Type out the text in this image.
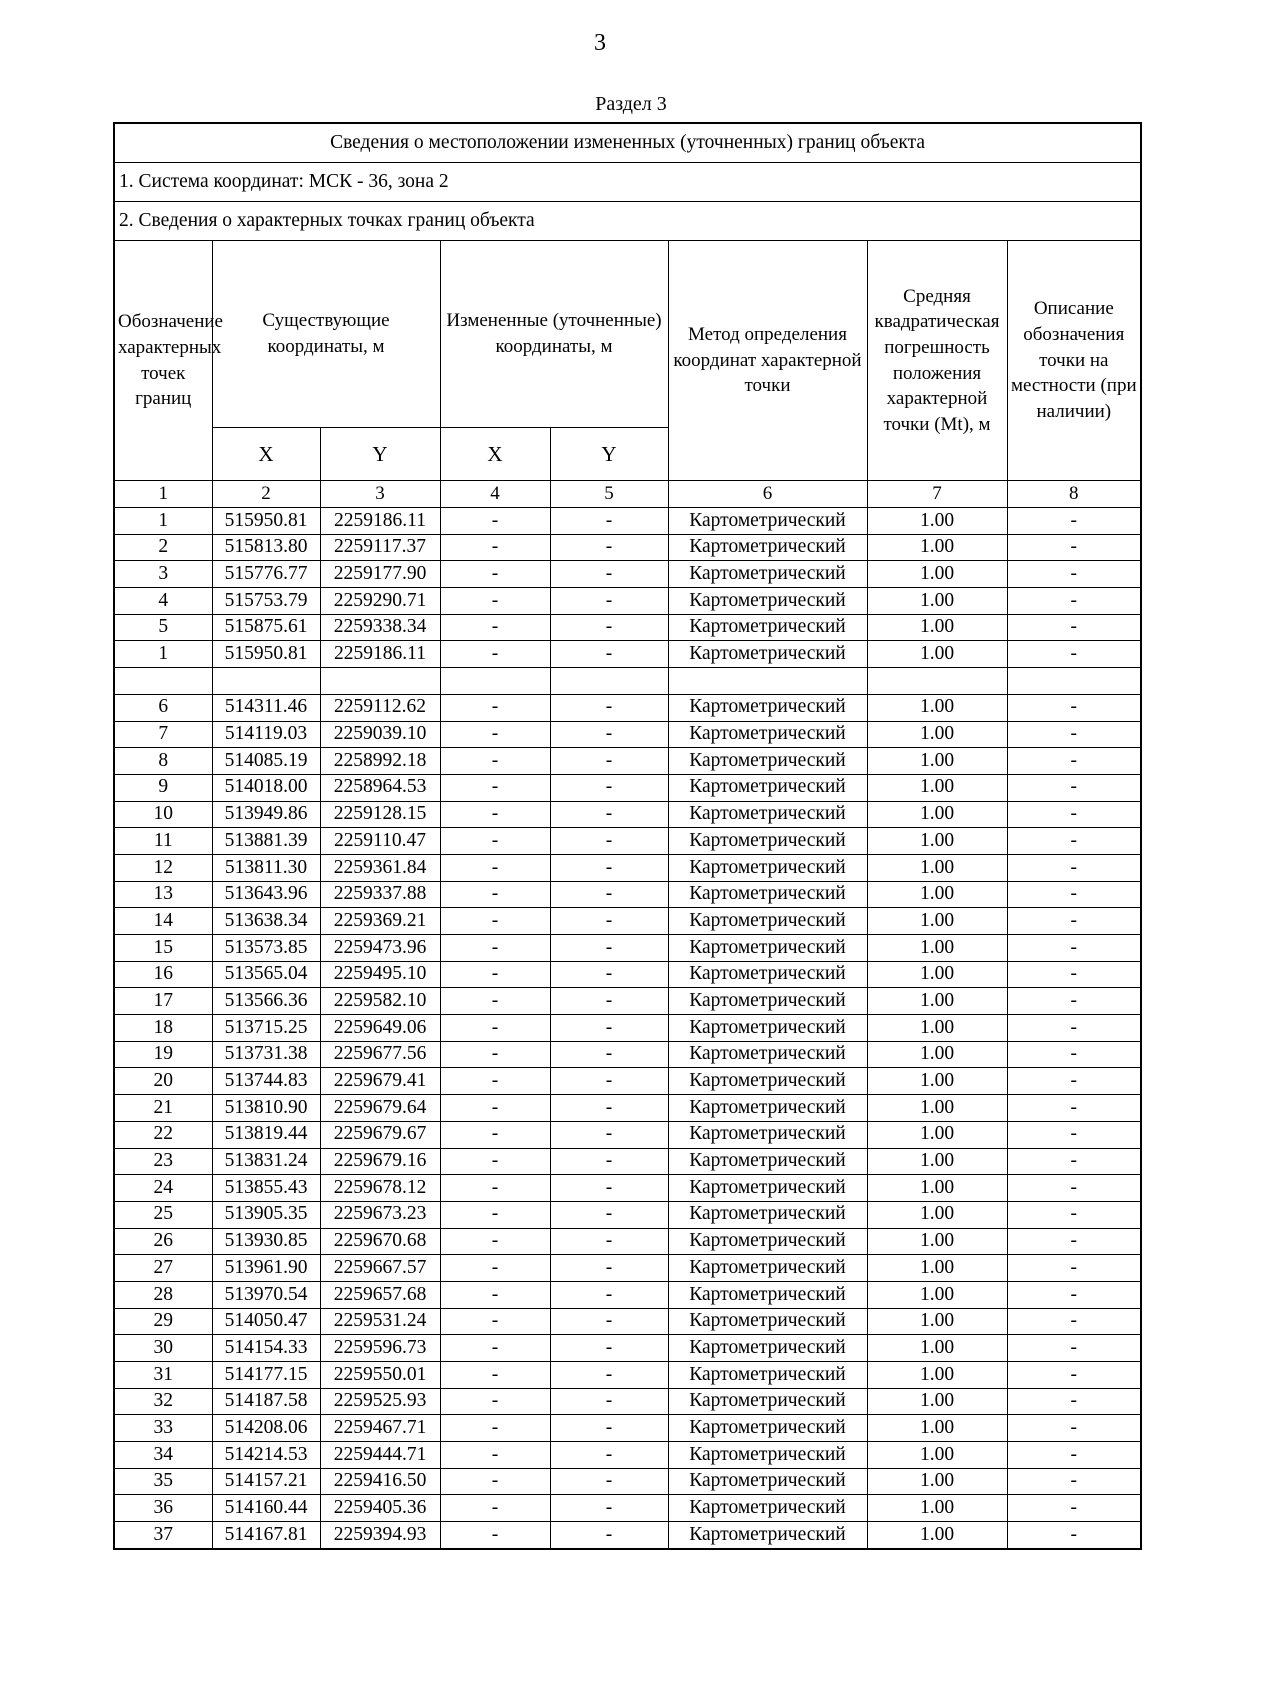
3
Раздел 3
Сведения о местоположении измененных (уточненных) границ объекта							
1. Система координат: МСК - 36, зона 2							
2. Сведения о характерных точках границ объекта							
Обозначение характерных точек границ	Существующие координаты, м		Измененные (уточненные) координаты, м		Метод определения координат характерной точки	Средняя квадратическая погрешность положения характерной точки (Mt), м	Описание обозначения точки на местности (при наличии)
	X	Y	X	Y			
1	2	3	4	5	6	7	8
1	515950.81	2259186.11	-	-	Картометрический	1.00	-
2	515813.80	2259117.37	-	-	Картометрический	1.00	-
3	515776.77	2259177.90	-	-	Картометрический	1.00	-
4	515753.79	2259290.71	-	-	Картометрический	1.00	-
5	515875.61	2259338.34	-	-	Картометрический	1.00	-
1	515950.81	2259186.11	-	-	Картометрический	1.00	-

6	514311.46	2259112.62	-	-	Картометрический	1.00	-
7	514119.03	2259039.10	-	-	Картометрический	1.00	-
8	514085.19	2258992.18	-	-	Картометрический	1.00	-
9	514018.00	2258964.53	-	-	Картометрический	1.00	-
10	513949.86	2259128.15	-	-	Картометрический	1.00	-
11	513881.39	2259110.47	-	-	Картометрический	1.00	-
12	513811.30	2259361.84	-	-	Картометрический	1.00	-
13	513643.96	2259337.88	-	-	Картометрический	1.00	-
14	513638.34	2259369.21	-	-	Картометрический	1.00	-
15	513573.85	2259473.96	-	-	Картометрический	1.00	-
16	513565.04	2259495.10	-	-	Картометрический	1.00	-
17	513566.36	2259582.10	-	-	Картометрический	1.00	-
18	513715.25	2259649.06	-	-	Картометрический	1.00	-
19	513731.38	2259677.56	-	-	Картометрический	1.00	-
20	513744.83	2259679.41	-	-	Картометрический	1.00	-
21	513810.90	2259679.64	-	-	Картометрический	1.00	-
22	513819.44	2259679.67	-	-	Картометрический	1.00	-
23	513831.24	2259679.16	-	-	Картометрический	1.00	-
24	513855.43	2259678.12	-	-	Картометрический	1.00	-
25	513905.35	2259673.23	-	-	Картометрический	1.00	-
26	513930.85	2259670.68	-	-	Картометрический	1.00	-
27	513961.90	2259667.57	-	-	Картометрический	1.00	-
28	513970.54	2259657.68	-	-	Картометрический	1.00	-
29	514050.47	2259531.24	-	-	Картометрический	1.00	-
30	514154.33	2259596.73	-	-	Картометрический	1.00	-
31	514177.15	2259550.01	-	-	Картометрический	1.00	-
32	514187.58	2259525.93	-	-	Картометрический	1.00	-
33	514208.06	2259467.71	-	-	Картометрический	1.00	-
34	514214.53	2259444.71	-	-	Картометрический	1.00	-
35	514157.21	2259416.50	-	-	Картометрический	1.00	-
36	514160.44	2259405.36	-	-	Картометрический	1.00	-
37	514167.81	2259394.93	-	-	Картометрический	1.00	-
